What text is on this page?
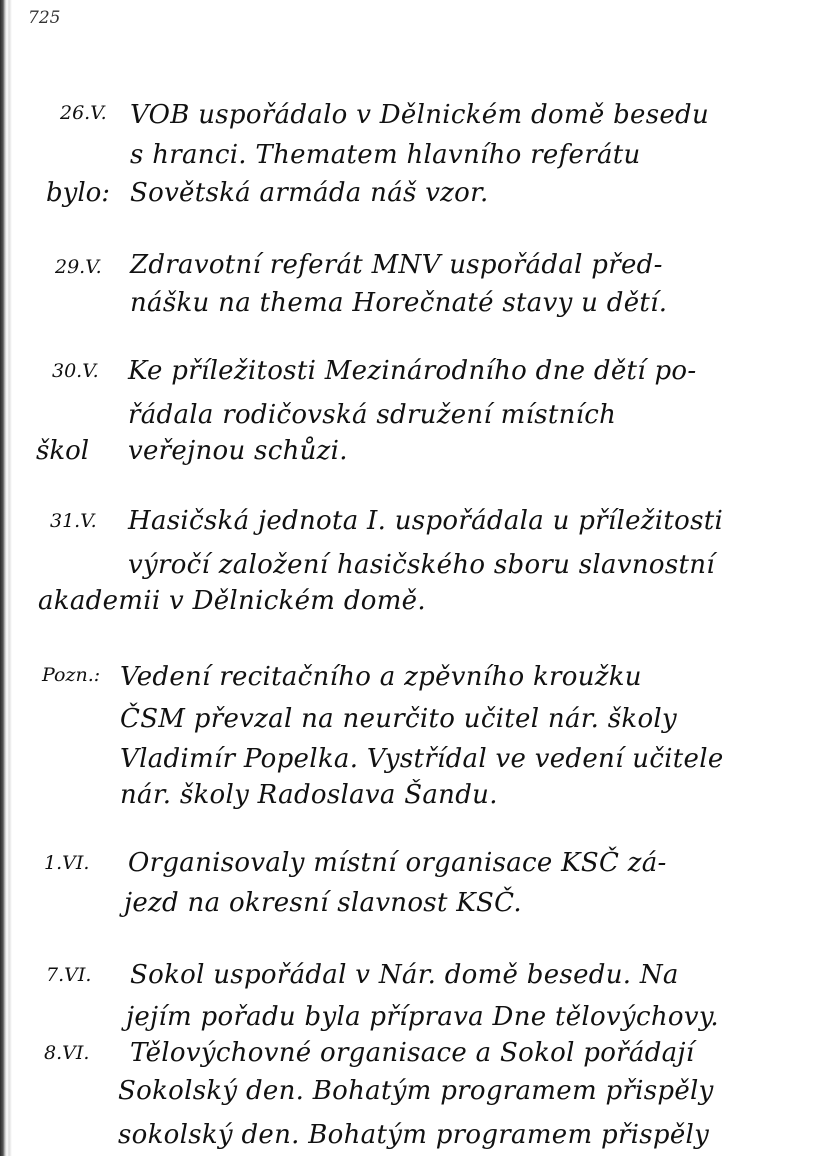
725
26.V. VOB uspořádalo v Dělnickém domě besedu
s hranci. Thematem hlavního referátu
bylo: Sovětská armáda náš vzor.
29.V. Zdravotní referát MNV uspořádal před-
nášku na thema Horečnaté stavy u dětí.
30.V. Ke příležitosti Mezinárodního dne dětí po-
řádala rodičovská sdružení místních
škol veřejnou schůzi.
31.V. Hasičská jednota I. uspořádala u příležitosti
výročí založení hasičského sboru slavnostní
akademii v Dělnickém domě.
Pozn.: Vedení recitačního a zpěvního kroužku
ČSM převzal na neurčito učitel nár. školy
Vladimír Popelka. Vystřídal ve vedení učitele
nár. školy Radoslava Šandu.
1.VI. Organisovaly místní organisace KSČ zá-
jezd na okresní slavnost KSČ.
7.VI. Sokol uspořádal v Nár. domě besedu. Na
jejím pořadu byla příprava Dne tělovýchovy.
8.VI. Tělovýchovné organisace a Sokol pořádají
Sokolský den. Bohatým programem přispěly
sokolský den. Bohatým programem přispěly
